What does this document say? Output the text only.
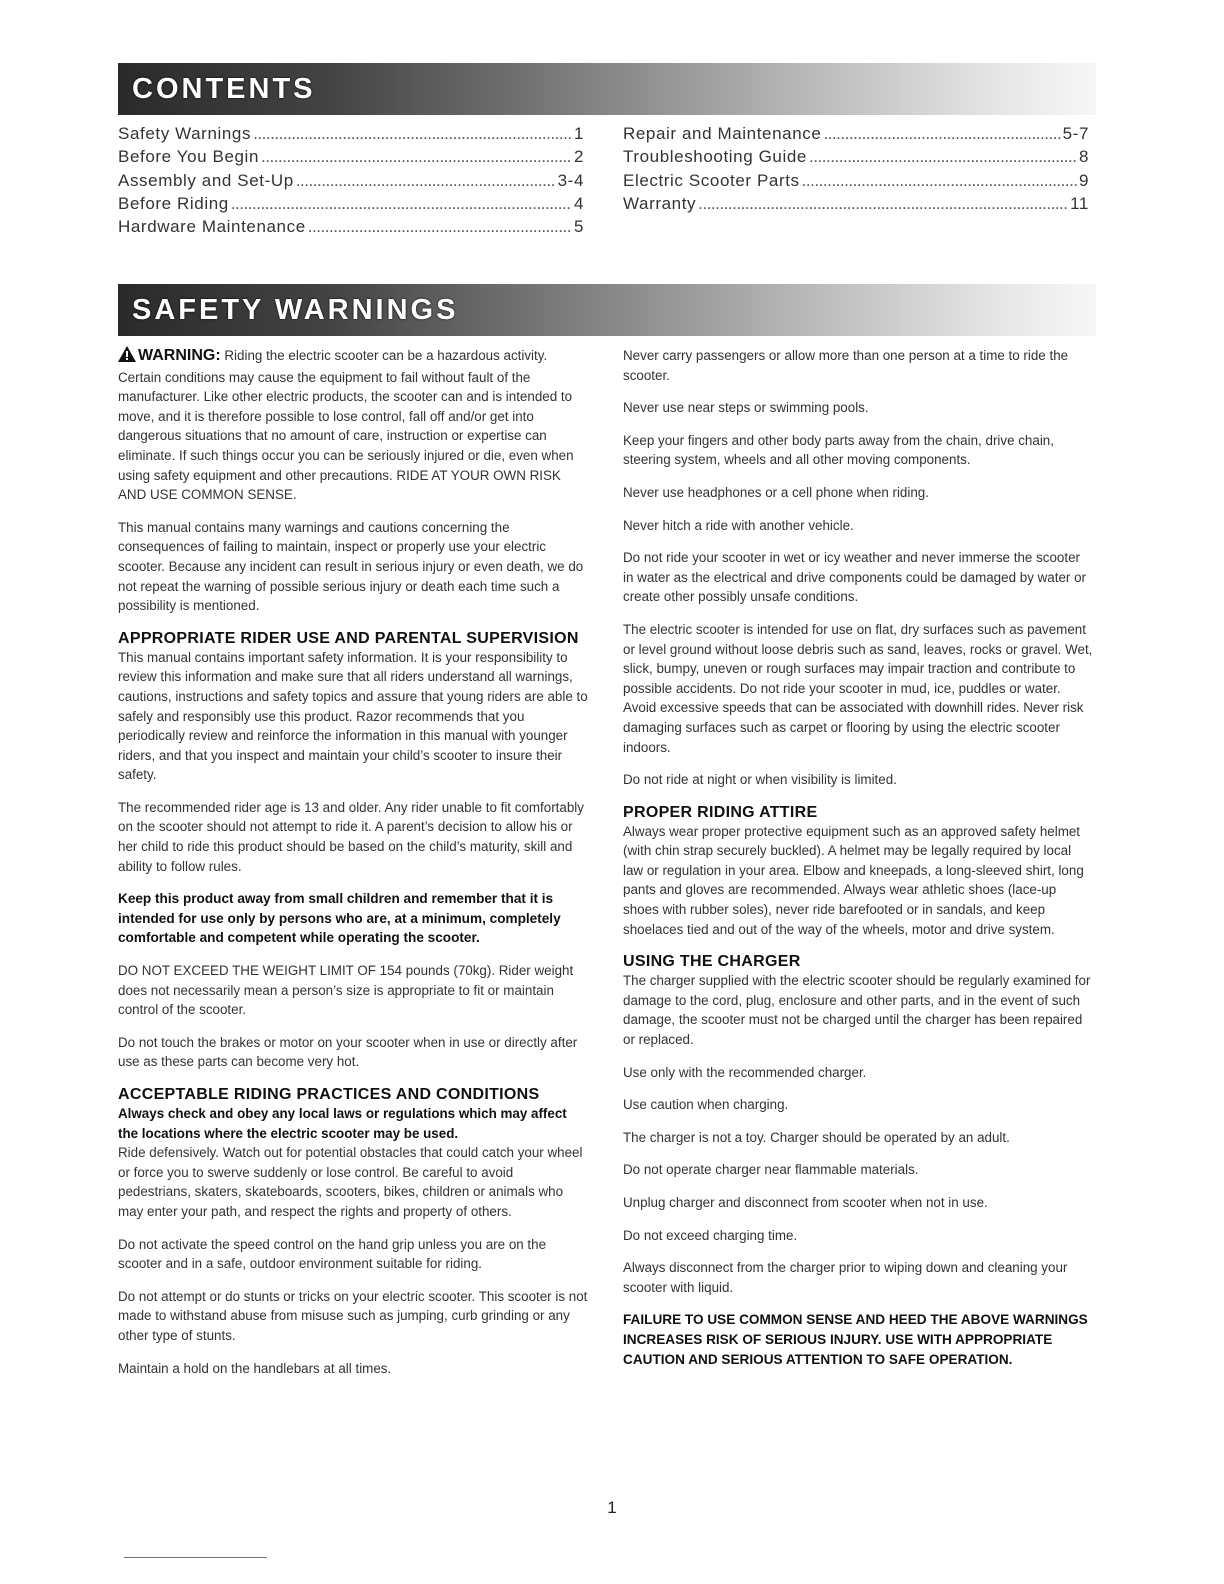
CONTENTS
Safety Warnings . . .	1
Before You Begin . . .	2
Assembly and Set-Up . . .	3-4
Before Riding . . .	4
Hardware Maintenance . . .	5
Repair and Maintenance . . .	5-7
Troubleshooting Guide . . .	8
Electric Scooter Parts . . .	9
Warranty . . .	11
SAFETY WARNINGS

WARNING: Riding the electric scooter can be a hazardous activity. Certain conditions may cause the equipment to fail without fault of the manufacturer. Like other electric products, the scooter can and is intended to move, and it is therefore possible to lose control, fall off and/or get into dangerous situations that no amount of care, instruction or expertise can eliminate. If such things occur you can be seriously injured or die, even when using safety equipment and other precautions. RIDE AT YOUR OWN RISK AND USE COMMON SENSE.

This manual contains many warnings and cautions concerning the consequences of failing to maintain, inspect or properly use your electric scooter. Because any incident can result in serious injury or even death, we do not repeat the warning of possible serious injury or death each time such a possibility is mentioned.

APPROPRIATE RIDER USE AND PARENTAL SUPERVISION

This manual contains important safety information. It is your responsibility to review this information and make sure that all riders understand all warnings, cautions, instructions and safety topics and assure that young riders are able to safely and responsibly use this product. Razor recommends that you periodically review and reinforce the information in this manual with younger riders, and that you inspect and maintain your child’s scooter to insure their safety.

The recommended rider age is 13 and older. Any rider unable to fit comfortably on the scooter should not attempt to ride it. A parent’s decision to allow his or her child to ride this product should be based on the child’s maturity, skill and ability to follow rules.

Keep this product away from small children and remember that it is intended for use only by persons who are, at a minimum, completely comfortable and competent while operating the scooter.

DO NOT EXCEED THE WEIGHT LIMIT OF 154 pounds (70kg). Rider weight does not necessarily mean a person’s size is appropriate to fit or maintain control of the scooter.

Do not touch the brakes or motor on your scooter when in use or directly after use as these parts can become very hot.

ACCEPTABLE RIDING PRACTICES AND CONDITIONS

Always check and obey any local laws or regulations which may affect the locations where the electric scooter may be used.
Ride defensively. Watch out for potential obstacles that could catch your wheel or force you to swerve suddenly or lose control. Be careful to avoid pedestrians, skaters, skateboards, scooters, bikes, children or animals who may enter your path, and respect the rights and property of others.

Do not activate the speed control on the hand grip unless you are on the scooter and in a safe, outdoor environment suitable for riding.

Do not attempt or do stunts or tricks on your electric scooter. This scooter is not made to withstand abuse from misuse such as jumping, curb grinding or any other type of stunts.

Maintain a hold on the handlebars at all times.

Never carry passengers or allow more than one person at a time to ride the scooter.

Never use near steps or swimming pools.

Keep your fingers and other body parts away from the chain, drive chain, steering system, wheels and all other moving components.

Never use headphones or a cell phone when riding.

Never hitch a ride with another vehicle.

Do not ride your scooter in wet or icy weather and never immerse the scooter in water as the electrical and drive components could be damaged by water or create other possibly unsafe conditions.

The electric scooter is intended for use on flat, dry surfaces such as pavement or level ground without loose debris such as sand, leaves, rocks or gravel. Wet, slick, bumpy, uneven or rough surfaces may impair traction and contribute to possible accidents. Do not ride your scooter in mud, ice, puddles or water. Avoid excessive speeds that can be associated with downhill rides. Never risk damaging surfaces such as carpet or flooring by using the electric scooter indoors.

Do not ride at night or when visibility is limited.

PROPER RIDING ATTIRE

Always wear proper protective equipment such as an approved safety helmet (with chin strap securely buckled). A helmet may be legally required by local law or regulation in your area. Elbow and kneepads, a long-sleeved shirt, long pants and gloves are recommended. Always wear athletic shoes (lace-up shoes with rubber soles), never ride barefooted or in sandals, and keep shoelaces tied and out of the way of the wheels, motor and drive system.

USING THE CHARGER

The charger supplied with the electric scooter should be regularly examined for damage to the cord, plug, enclosure and other parts, and in the event of such damage, the scooter must not be charged until the charger has been repaired or replaced.

Use only with the recommended charger.

Use caution when charging.

The charger is not a toy. Charger should be operated by an adult.

Do not operate charger near flammable materials.

Unplug charger and disconnect from scooter when not in use.

Do not exceed charging time.

Always disconnect from the charger prior to wiping down and cleaning your scooter with liquid.

FAILURE TO USE COMMON SENSE AND HEED THE ABOVE WARNINGS INCREASES RISK OF SERIOUS INJURY. USE WITH APPROPRIATE CAUTION AND SERIOUS ATTENTION TO SAFE OPERATION.

1
